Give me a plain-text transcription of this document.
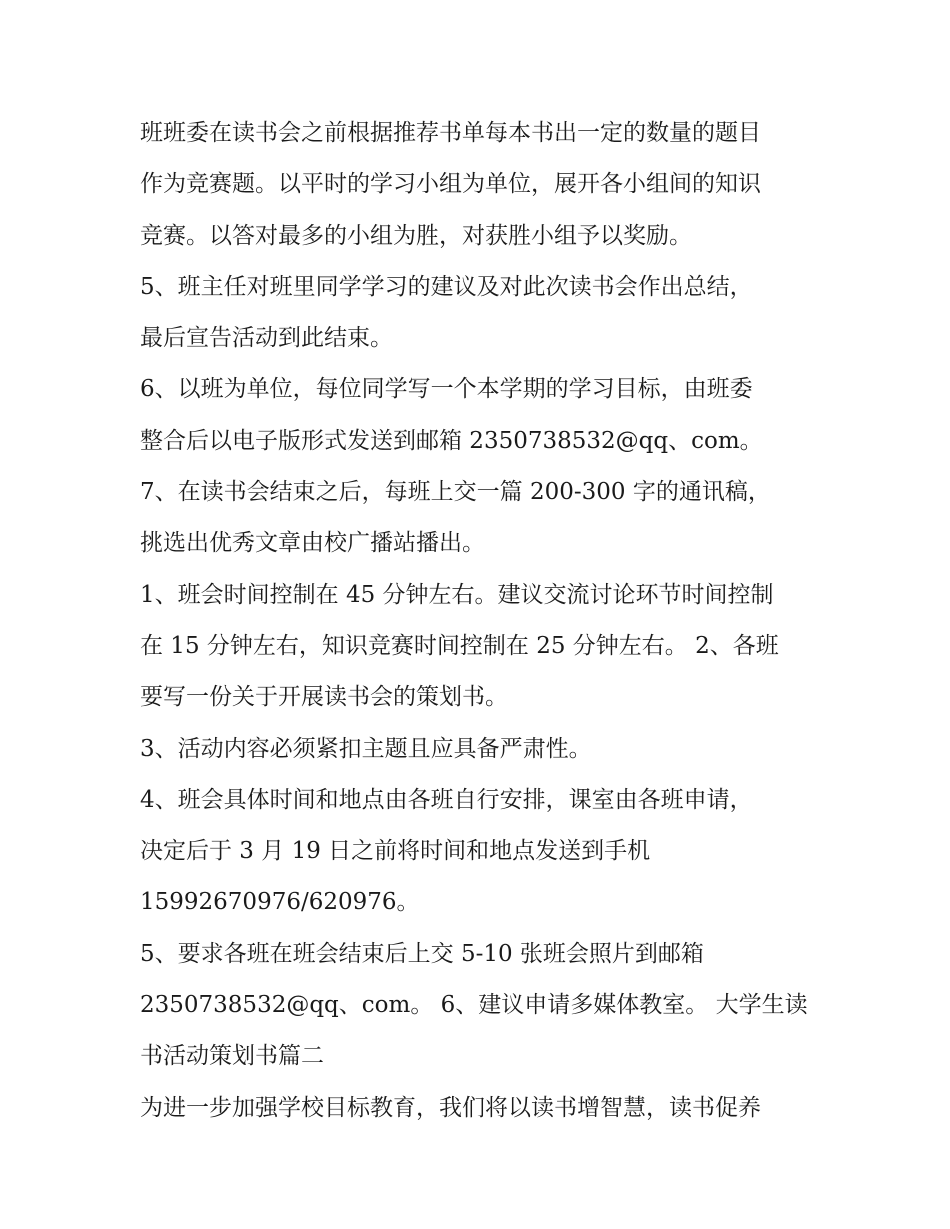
班班委在读书会之前根据推荐书单每本书出一定的数量的题目
作为竞赛题。以平时的学习小组为单位，展开各小组间的知识
竞赛。以答对最多的小组为胜，对获胜小组予以奖励。
5、班主任对班里同学学习的建议及对此次读书会作出总结，
最后宣告活动到此结束。
6、以班为单位，每位同学写一个本学期的学习目标，由班委
整合后以电子版形式发送到邮箱 2350738532@qq、com。
7、在读书会结束之后，每班上交一篇 200-300 字的通讯稿，
挑选出优秀文章由校广播站播出。
1、班会时间控制在 45 分钟左右。建议交流讨论环节时间控制
在 15 分钟左右，知识竞赛时间控制在 25 分钟左右。 2、各班
要写一份关于开展读书会的策划书。
3、活动内容必须紧扣主题且应具备严肃性。
4、班会具体时间和地点由各班自行安排，课室由各班申请，
决定后于 3 月 19 日之前将时间和地点发送到手机
15992670976/620976。
5、要求各班在班会结束后上交 5-10 张班会照片到邮箱
2350738532@qq、com。 6、建议申请多媒体教室。 大学生读
书活动策划书篇二
为进一步加强学校目标教育，我们将以读书增智慧，读书促养
